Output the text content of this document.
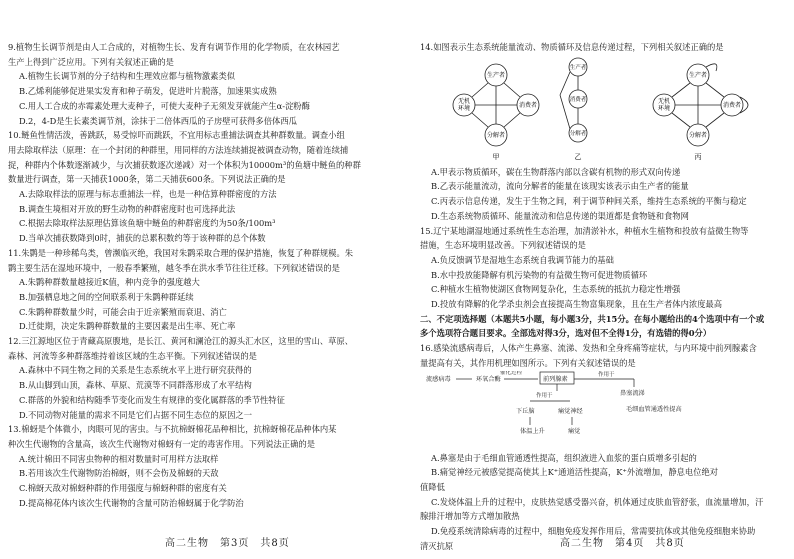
9.植物生长调节剂是由人工合成的，对植物生长、发育有调节作用的化学物质，在农林园艺
生产上得到广泛应用。下列有关叙述正确的是
A.植物生长调节剂的分子结构和生理效应都与植物激素类似
B.乙烯利能够促进果实发育和种子萌发，促进叶片脱落，加速果实成熟
C.用人工合成的赤霉素处理大麦种子，可使大麦种子无须发芽就能产生α-淀粉酶
D.2，4-D是生长素类调节剂，涂抹于二倍体西瓜的子房壁可获得多倍体西瓜
10.鲢鱼性情活泼，善跳跃，易受惊吓而跳跃，不宜用标志重捕法调查其种群数量。调查小组
用去除取样法（原理：在一个封闭的种群里，用同样的方法连续捕捉被调查动物，随着连续捕
捉，种群内个体数逐渐减少，与次捕获数逐次递减）对一个体积为10000m³的鱼塘中鲢鱼的种群
数量进行调查，第一天捕获1000条，第二天捕获600条。下列说法正确的是
A.去除取样法的原理与标志重捕法一样，也是一种估算种群密度的方法
B.调查生境相对开放的野生动物的种群密度时也可选择此法
C.根据去除取样法原理估算该鱼塘中鲢鱼的种群密度约为50条/100m³
D.当单次捕获数降到0时，捕获的总累积数约等于该种群的总个体数
11.朱鹮是一种珍稀鸟类，曾濒临灭绝，我国对朱鹮采取合理的保护措施，恢复了种群规模。朱
鹮主要生活在湿地环境中，一般春季繁殖，越冬季在洪水季节往往迁移。下列叙述错误的是
A.朱鹮种群数量越接近K值，种内竞争的强度越大
B.加强栖息地之间的空间联系利于朱鹮种群延续
C.朱鹮种群数量少时，可能会由于近亲繁殖而衰退、消亡
D.迁徙期，决定朱鹮种群数量的主要因素是出生率、死亡率
12.三江源地区位于青藏高原腹地，是长江、黄河和澜沧江的源头汇水区，这里的雪山、草原、
森林、河流等多种群落维持着该区域的生态平衡。下列叙述错误的是
A.森林中不同生物之间的关系是生态系统水平上进行研究获得的
B.从山脚到山顶，森林、草原、荒漠等不同群落形成了水平结构
C.群落的外貌和结构随季节变化而发生有规律的变化属群落的季节性特征
D.不同动物对能量的需求不同是它们占据不同生态位的原因之一
13.棉蚜是个体微小，肉眼可见的害虫。与不抗棉蚜棉花品种相比，抗棉蚜棉花品种体内某
种次生代谢物的含量高，该次生代谢物对棉蚜有一定的毒害作用。下列说法正确的是
A.统计棉田不同害虫物种的相对数量时可用样方法取样
B.若用该次生代谢物防治棉蚜，则不会伤及棉蚜的天敌
C.棉蚜天敌对棉蚜种群的作用强度与棉蚜种群的密度有关
D.提高棉花体内该次生代谢物的含量可防治棉蚜属于化学防治
14.如图表示生态系统能量流动、物质循环及信息传递过程，下列相关叙述正确的是
生产者
无机
环境	消费者
分解者
甲
生产者
消费者
分解者
乙
生产者
无机
环境	消费者
分解者
丙
A.甲表示物质循环，碳在生物群落内部以含碳有机物的形式双向传递
B.乙表示能量流动，流向分解者的能量在该现实该表示由生产者的能量
C.丙表示信息传递，发生于生物之间，利于调节种间关系，维持生态系统的平衡与稳定
D.生态系统物质循环、能量流动和信息传递的渠道都是食物链和食物网
15.辽宁某地湖湿地通过系统性生态治理，加清淤补水，种植水生植物和投放有益微生物等
措施，生态环境明显改善。下列叙述错误的是
A.负反馈调节是湿地生态系统自我调节能力的基础
B.水中投放能降解有机污染物的有益微生物可促进物质循环
C.种植水生植物使湖区食物网复杂化，生态系统的抵抗力稳定性增强
D.投放有降解的化学杀虫剂会直接提高生物富集现象，且在生产者体内浓度最高
二、不定项选择题（本题共5小题，每小题3分，共15分。在每小题给出的4个选项中有一个或
多个选项符合题目要求。全部选对得3分，选对但不全得1分，有选错的得0分）
16.感染流感病毒后，人体产生鼻塞、流涕、发热和全身疼痛等症状，与内环境中前列腺素含
量提高有关，其作用机理如图所示。下列有关叙述错误的是
流感病毒	环氧合酶
催化过程
前列腺素
作用于
作用于
下丘脑	痛觉神经
体温上升	痛觉
鼻塞流涕
毛细血管通透性提高
A.鼻塞是由于毛细血管通透性提高，组织液进入血浆的蛋白质增多引起的
B.痛觉神经元被感觉提高使其上K⁺通道活性提高，K⁺外流增加，静息电位绝对
值降低
C.发烧体温上升的过程中，皮肤热觉感受器兴奋，机体通过皮肤血管舒张，血流量增加，汗
腺排汗增加等方式增加散热
D.免疫系统清除病毒的过程中，细胞免疫发挥作用后，常需要抗体或其他免疫细胞来协助
清灭抗原
高二生物　第3页　共8页	高二生物　第4页　共8页
